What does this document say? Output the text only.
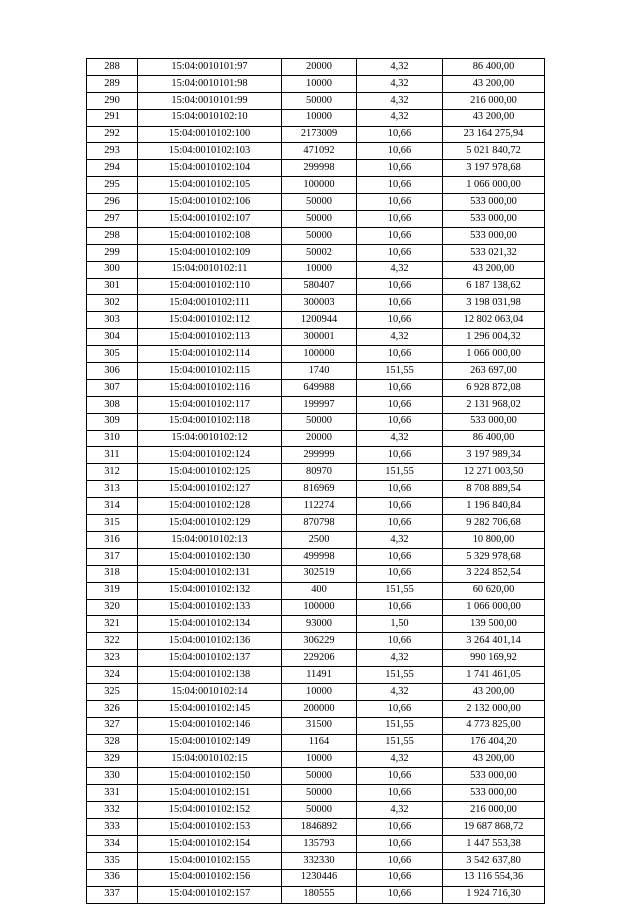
288	15:04:0010101:97	20000	4,32	86 400,00
289	15:04:0010101:98	10000	4,32	43 200,00
290	15:04:0010101:99	50000	4,32	216 000,00
291	15:04:0010102:10	10000	4,32	43 200,00
292	15:04:0010102:100	2173009	10,66	23 164 275,94
293	15:04:0010102:103	471092	10,66	5 021 840,72
294	15:04:0010102:104	299998	10,66	3 197 978,68
295	15:04:0010102:105	100000	10,66	1 066 000,00
296	15:04:0010102:106	50000	10,66	533 000,00
297	15:04:0010102:107	50000	10,66	533 000,00
298	15:04:0010102:108	50000	10,66	533 000,00
299	15:04:0010102:109	50002	10,66	533 021,32
300	15:04:0010102:11	10000	4,32	43 200,00
301	15:04:0010102:110	580407	10,66	6 187 138,62
302	15:04:0010102:111	300003	10,66	3 198 031,98
303	15:04:0010102:112	1200944	10,66	12 802 063,04
304	15:04:0010102:113	300001	4,32	1 296 004,32
305	15:04:0010102:114	100000	10,66	1 066 000,00
306	15:04:0010102:115	1740	151,55	263 697,00
307	15:04:0010102:116	649988	10,66	6 928 872,08
308	15:04:0010102:117	199997	10,66	2 131 968,02
309	15:04:0010102:118	50000	10,66	533 000,00
310	15:04:0010102:12	20000	4,32	86 400,00
311	15:04:0010102:124	299999	10,66	3 197 989,34
312	15:04:0010102:125	80970	151,55	12 271 003,50
313	15:04:0010102:127	816969	10,66	8 708 889,54
314	15:04:0010102:128	112274	10,66	1 196 840,84
315	15:04:0010102:129	870798	10,66	9 282 706,68
316	15:04:0010102:13	2500	4,32	10 800,00
317	15:04:0010102:130	499998	10,66	5 329 978,68
318	15:04:0010102:131	302519	10,66	3 224 852,54
319	15:04:0010102:132	400	151,55	60 620,00
320	15:04:0010102:133	100000	10,66	1 066 000,00
321	15:04:0010102:134	93000	1,50	139 500,00
322	15:04:0010102:136	306229	10,66	3 264 401,14
323	15:04:0010102:137	229206	4,32	990 169,92
324	15:04:0010102:138	11491	151,55	1 741 461,05
325	15:04:0010102:14	10000	4,32	43 200,00
326	15:04:0010102:145	200000	10,66	2 132 000,00
327	15:04:0010102:146	31500	151,55	4 773 825,00
328	15:04:0010102:149	1164	151,55	176 404,20
329	15:04:0010102:15	10000	4,32	43 200,00
330	15:04:0010102:150	50000	10,66	533 000,00
331	15:04:0010102:151	50000	10,66	533 000,00
332	15:04:0010102:152	50000	4,32	216 000,00
333	15:04:0010102:153	1846892	10,66	19 687 868,72
334	15:04:0010102:154	135793	10,66	1 447 553,38
335	15:04:0010102:155	332330	10,66	3 542 637,80
336	15:04:0010102:156	1230446	10,66	13 116 554,36
337	15:04:0010102:157	180555	10,66	1 924 716,30
